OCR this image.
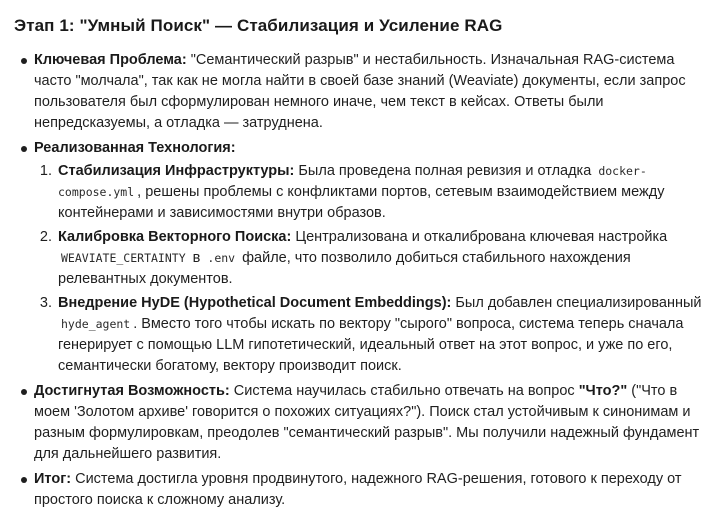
Этап 1: "Умный Поиск" — Стабилизация и Усиление RAG
Ключевая Проблема: "Семантический разрыв" и нестабильность. Изначальная RAG-система часто "молчала", так как не могла найти в своей базе знаний (Weaviate) документы, если запрос пользователя был сформулирован немного иначе, чем текст в кейсах. Ответы были непредсказуемы, а отладка — затруднена.
Реализованная Технология:
1. Стабилизация Инфраструктуры: Была проведена полная ревизия и отладка docker-compose.yml , решены проблемы с конфликтами портов, сетевым взаимодействием между контейнерами и зависимостями внутри образов.
2. Калибровка Векторного Поиска: Централизована и откалибрована ключевая настройка WEAVIATE_CERTAINTY в .env файле, что позволило добиться стабильного нахождения релевантных документов.
3. Внедрение HyDE (Hypothetical Document Embeddings): Был добавлен специализированный hyde_agent . Вместо того чтобы искать по вектору "сырого" вопроса, система теперь сначала генерирует с помощью LLM гипотетический, идеальный ответ на этот вопрос, и уже по его, семантически богатому, вектору производит поиск.
Достигнутая Возможность: Система научилась стабильно отвечать на вопрос "Что?" ("Что в моем 'Золотом архиве' говорится о похожих ситуациях?"). Поиск стал устойчивым к синонимам и разным формулировкам, преодолев "семантический разрыв". Мы получили надежный фундамент для дальнейшего развития.
Итог: Система достигла уровня продвинутого, надежного RAG-решения, готового к переходу от простого поиска к сложному анализу.
